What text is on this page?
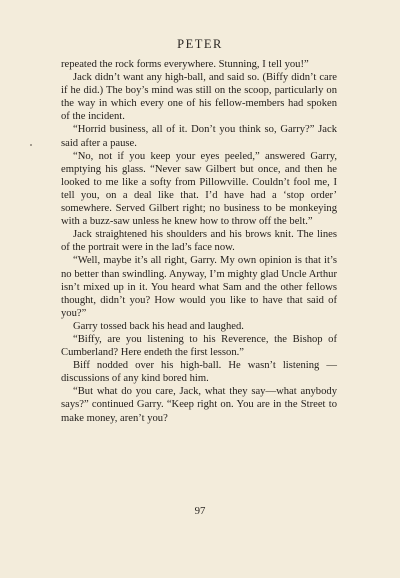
PETER

repeated the rock forms everywhere. Stunning, I tell you!”

Jack didn’t want any high-ball, and said so. (Biffy didn’t care if he did.) The boy’s mind was still on the scoop, particularly on the way in which every one of his fellow-members had spoken of the incident.

“Horrid business, all of it. Don’t you think so, Garry?” Jack said after a pause.

“No, not if you keep your eyes peeled,” answered Garry, emptying his glass. “Never saw Gilbert but once, and then he looked to me like a softy from Pillowville. Couldn’t fool me, I tell you, on a deal like that. I’d have had a ‘stop order’ somewhere. Served Gilbert right; no business to be monkeying with a buzz-saw unless he knew how to throw off the belt.”

Jack straightened his shoulders and his brows knit. The lines of the portrait were in the lad’s face now.

“Well, maybe it’s all right, Garry. My own opinion is that it’s no better than swindling. Anyway, I’m mighty glad Uncle Arthur isn’t mixed up in it. You heard what Sam and the other fellows thought, didn’t you? How would you like to have that said of you?”

Garry tossed back his head and laughed.

“Biffy, are you listening to his Reverence, the Bishop of Cumberland? Here endeth the first lesson.”

Biff nodded over his high-ball. He wasn’t listening —discussions of any kind bored him.

“But what do you care, Jack, what they say—what anybody says?” continued Garry. “Keep right on. You are in the Street to make money, aren’t you?

97
